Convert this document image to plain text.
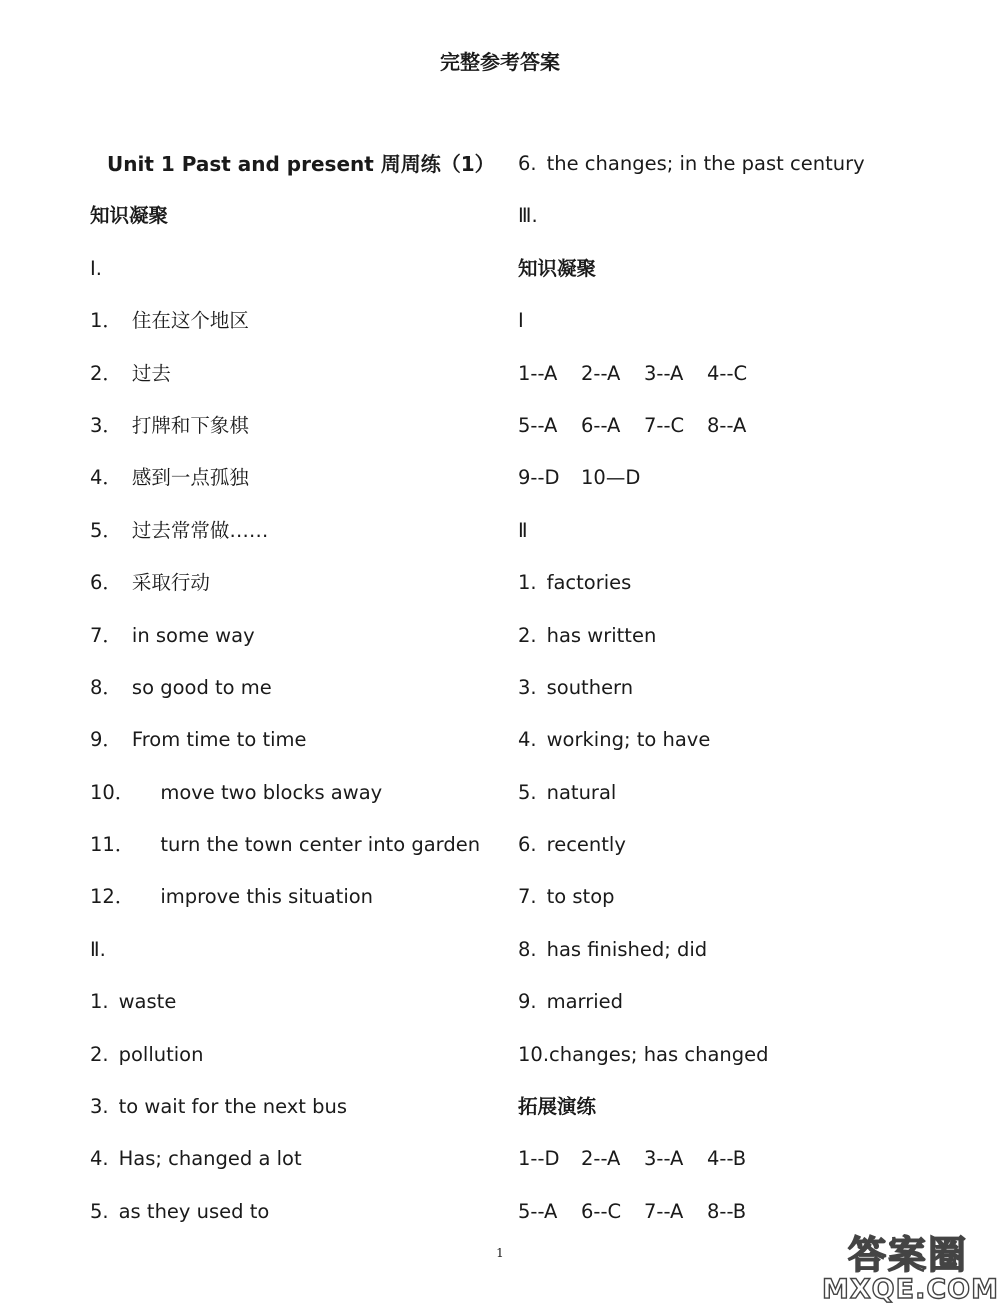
完整参考答案
Unit 1 Past and present 周周练（1）
知识凝聚
Ⅰ.
1． 住在这个地区
2． 过去
3． 打牌和下象棋
4． 感到一点孤独
5． 过去常常做……
6． 采取行动
7． in some way
8． so good to me
9． From time to time
10． move two blocks away
11． turn the town center into garden
12． improve this situation
Ⅱ.
1. waste
2. pollution
3. to wait for the next bus
4. Has; changed a lot
5. as they used to
6. the changes; in the past century
Ⅲ.
知识凝聚
Ⅰ
1--A 2--A 3--A 4--C
5--A 6--A 7--C 8--A
9--D 10—D
Ⅱ
1. factories
2. has written
3. southern
4. working; to have
5. natural
6. recently
7. to stop
8. has finished; did
9. married
10.changes; has changed
拓展演练
1--D 2--A 3--A 4--B
5--A 6--C 7--A 8--B
1	答案圈
MXQE.COM
